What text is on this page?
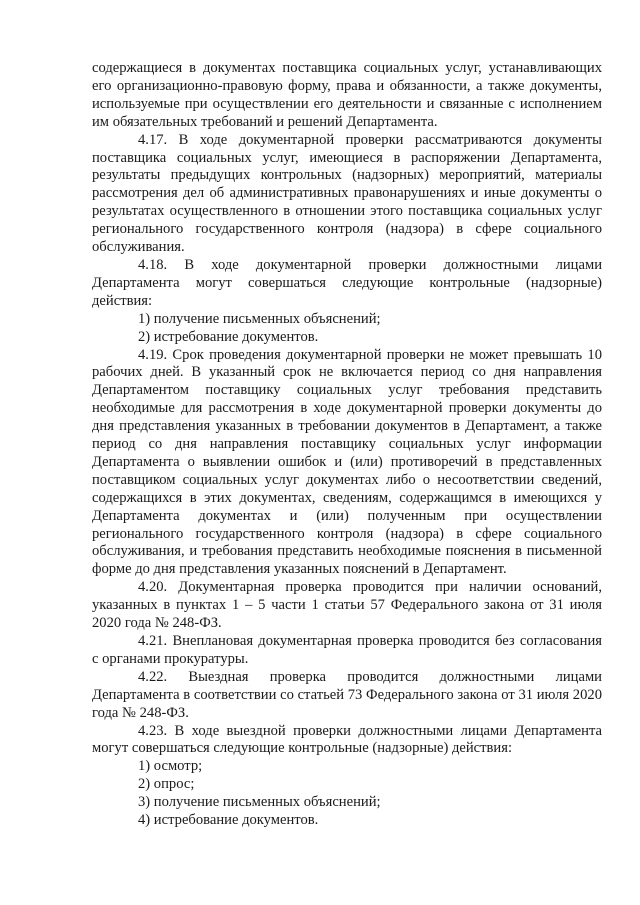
содержащиеся в документах поставщика социальных услуг, устанавливающих его организационно-правовую форму, права и обязанности, а также документы, используемые при осуществлении его деятельности и связанные с исполнением им обязательных требований и решений Департамента.

4.17. В ходе документарной проверки рассматриваются документы поставщика социальных услуг, имеющиеся в распоряжении Департамента, результаты предыдущих контрольных (надзорных) мероприятий, материалы рассмотрения дел об административных правонарушениях и иные документы о результатах осуществленного в отношении этого поставщика социальных услуг регионального государственного контроля (надзора) в сфере социального обслуживания.

4.18. В ходе документарной проверки должностными лицами Департамента могут совершаться следующие контрольные (надзорные) действия:

1) получение письменных объяснений;

2) истребование документов.

4.19. Срок проведения документарной проверки не может превышать 10 рабочих дней. В указанный срок не включается период со дня направления Департаментом поставщику социальных услуг требования представить необходимые для рассмотрения в ходе документарной проверки документы до дня представления указанных в требовании документов в Департамент, а также период со дня направления поставщику социальных услуг информации Департамента о выявлении ошибок и (или) противоречий в представленных поставщиком социальных услуг документах либо о несоответствии сведений, содержащихся в этих документах, сведениям, содержащимся в имеющихся у Департамента документах и (или) полученным при осуществлении регионального государственного контроля (надзора) в сфере социального обслуживания, и требования представить необходимые пояснения в письменной форме до дня представления указанных пояснений в Департамент.

4.20. Документарная проверка проводится при наличии оснований, указанных в пунктах 1 – 5 части 1 статьи 57 Федерального закона от 31 июля 2020 года № 248-ФЗ.

4.21. Внеплановая документарная проверка проводится без согласования с органами прокуратуры.

4.22. Выездная проверка проводится должностными лицами Департамента в соответствии со статьей 73 Федерального закона от 31 июля 2020 года № 248-ФЗ.

4.23. В ходе выездной проверки должностными лицами Департамента могут совершаться следующие контрольные (надзорные) действия:

1) осмотр;

2) опрос;

3) получение письменных объяснений;

4) истребование документов.
